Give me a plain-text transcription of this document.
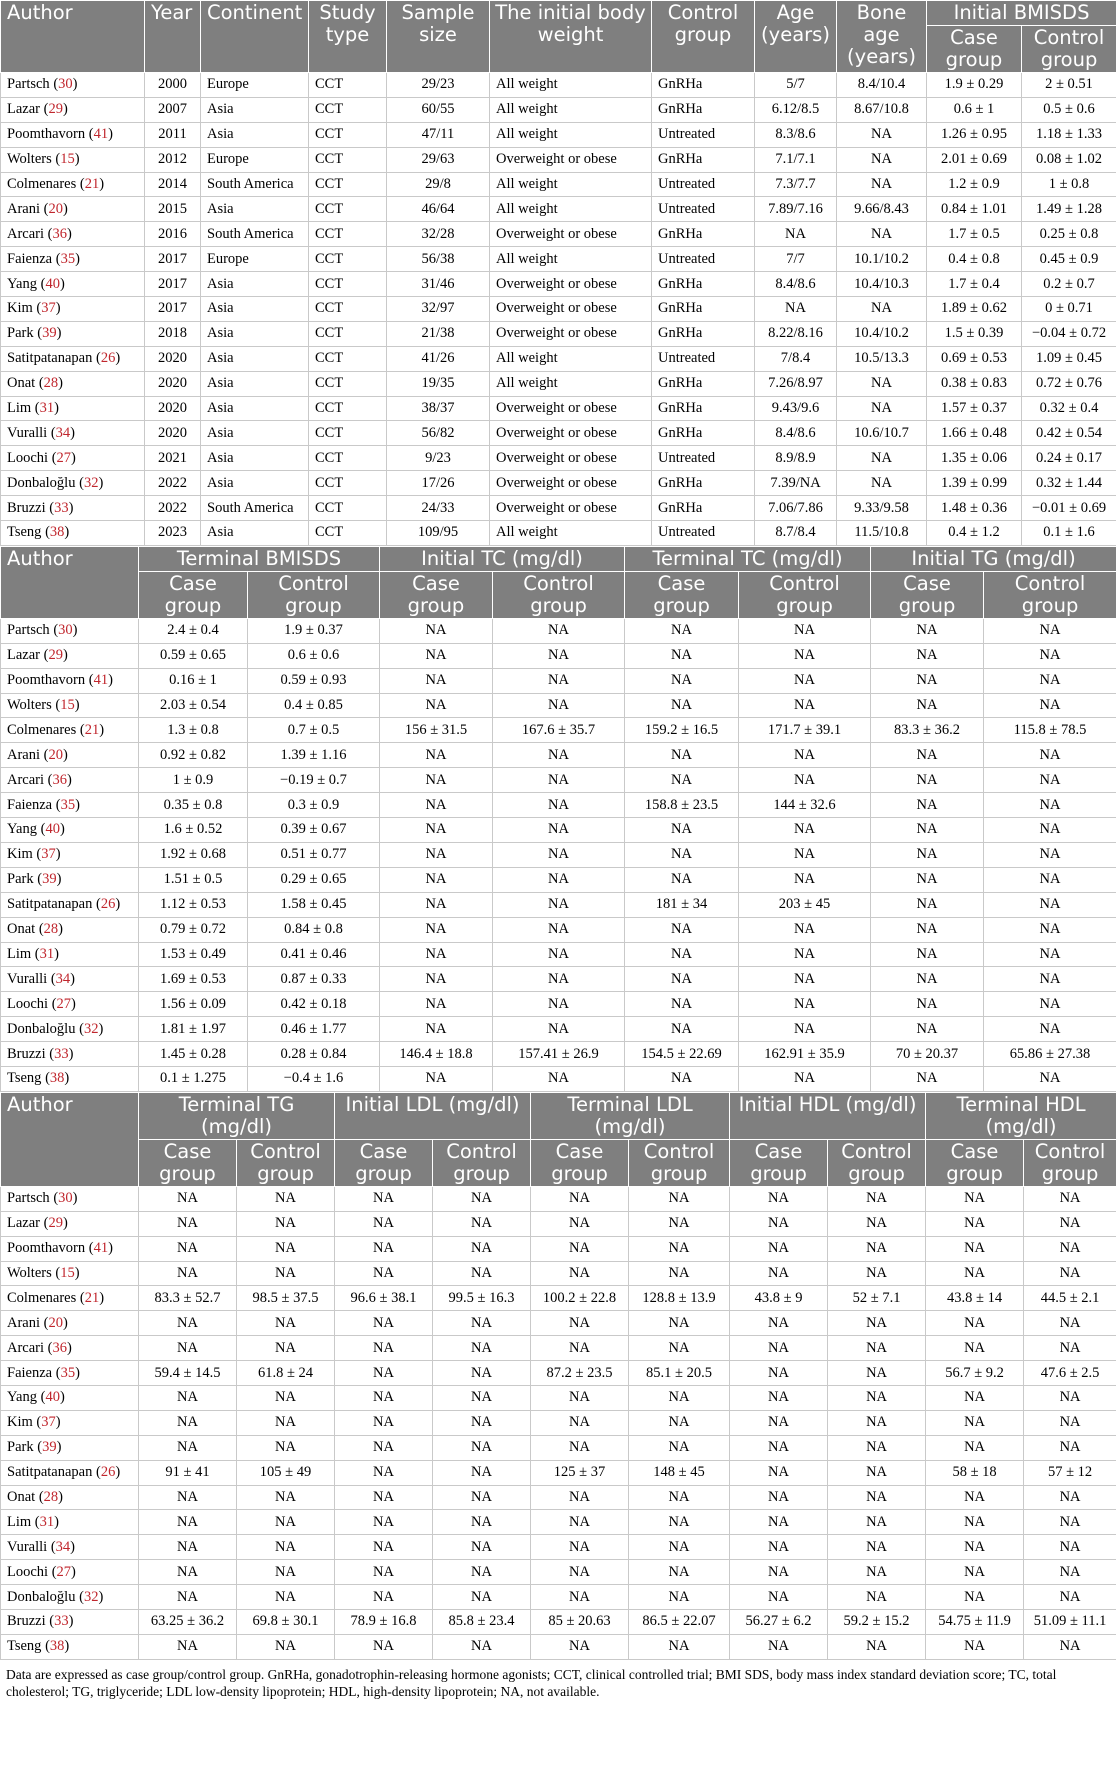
Author	Year	Continent	Study type	Sample size	The initial body weight	Control group	Age (years)	Bone age (years)	Initial BMISDS	
									Case group	Control group
Partsch (30)	2000	Europe	CCT	29/23	All weight	GnRHa	5/7	8.4/10.4	1.9 ± 0.29	2 ± 0.51
Lazar (29)	2007	Asia	CCT	60/55	All weight	GnRHa	6.12/8.5	8.67/10.8	0.6 ± 1	0.5 ± 0.6
Poomthavorn (41)	2011	Asia	CCT	47/11	All weight	Untreated	8.3/8.6	NA	1.26 ± 0.95	1.18 ± 1.33
Wolters (15)	2012	Europe	CCT	29/63	Overweight or obese	GnRHa	7.1/7.1	NA	2.01 ± 0.69	0.08 ± 1.02
Colmenares (21)	2014	South America	CCT	29/8	All weight	Untreated	7.3/7.7	NA	1.2 ± 0.9	1 ± 0.8
Arani (20)	2015	Asia	CCT	46/64	All weight	Untreated	7.89/7.16	9.66/8.43	0.84 ± 1.01	1.49 ± 1.28
Arcari (36)	2016	South America	CCT	32/28	Overweight or obese	GnRHa	NA	NA	1.7 ± 0.5	0.25 ± 0.8
Faienza (35)	2017	Europe	CCT	56/38	All weight	Untreated	7/7	10.1/10.2	0.4 ± 0.8	0.45 ± 0.9
Yang (40)	2017	Asia	CCT	31/46	Overweight or obese	GnRHa	8.4/8.6	10.4/10.3	1.7 ± 0.4	0.2 ± 0.7
Kim (37)	2017	Asia	CCT	32/97	Overweight or obese	GnRHa	NA	NA	1.89 ± 0.62	0 ± 0.71
Park (39)	2018	Asia	CCT	21/38	Overweight or obese	GnRHa	8.22/8.16	10.4/10.2	1.5 ± 0.39	−0.04 ± 0.72
Satitpatanapan (26)	2020	Asia	CCT	41/26	All weight	Untreated	7/8.4	10.5/13.3	0.69 ± 0.53	1.09 ± 0.45
Onat (28)	2020	Asia	CCT	19/35	All weight	GnRHa	7.26/8.97	NA	0.38 ± 0.83	0.72 ± 0.76
Lim (31)	2020	Asia	CCT	38/37	Overweight or obese	GnRHa	9.43/9.6	NA	1.57 ± 0.37	0.32 ± 0.4
Vuralli (34)	2020	Asia	CCT	56/82	Overweight or obese	GnRHa	8.4/8.6	10.6/10.7	1.66 ± 0.48	0.42 ± 0.54
Loochi (27)	2021	Asia	CCT	9/23	Overweight or obese	Untreated	8.9/8.9	NA	1.35 ± 0.06	0.24 ± 0.17
Donbaloğlu (32)	2022	Asia	CCT	17/26	Overweight or obese	GnRHa	7.39/NA	NA	1.39 ± 0.99	0.32 ± 1.44
Bruzzi (33)	2022	South America	CCT	24/33	Overweight or obese	GnRHa	7.06/7.86	9.33/9.58	1.48 ± 0.36	−0.01 ± 0.69
Tseng (38)	2023	Asia	CCT	109/95	All weight	Untreated	8.7/8.4	11.5/10.8	0.4 ± 1.2	0.1 ± 1.6
Author	Terminal BMISDS		Initial TC (mg/dl)		Terminal TC (mg/dl)		Initial TG (mg/dl)	
	Case group	Control group	Case group	Control group	Case group	Control group	Case group	Control group
Partsch (30)	2.4 ± 0.4	1.9 ± 0.37	NA	NA	NA	NA	NA	NA
Lazar (29)	0.59 ± 0.65	0.6 ± 0.6	NA	NA	NA	NA	NA	NA
Poomthavorn (41)	0.16 ± 1	0.59 ± 0.93	NA	NA	NA	NA	NA	NA
Wolters (15)	2.03 ± 0.54	0.4 ± 0.85	NA	NA	NA	NA	NA	NA
Colmenares (21)	1.3 ± 0.8	0.7 ± 0.5	156 ± 31.5	167.6 ± 35.7	159.2 ± 16.5	171.7 ± 39.1	83.3 ± 36.2	115.8 ± 78.5
Arani (20)	0.92 ± 0.82	1.39 ± 1.16	NA	NA	NA	NA	NA	NA
Arcari (36)	1 ± 0.9	−0.19 ± 0.7	NA	NA	NA	NA	NA	NA
Faienza (35)	0.35 ± 0.8	0.3 ± 0.9	NA	NA	158.8 ± 23.5	144 ± 32.6	NA	NA
Yang (40)	1.6 ± 0.52	0.39 ± 0.67	NA	NA	NA	NA	NA	NA
Kim (37)	1.92 ± 0.68	0.51 ± 0.77	NA	NA	NA	NA	NA	NA
Park (39)	1.51 ± 0.5	0.29 ± 0.65	NA	NA	NA	NA	NA	NA
Satitpatanapan (26)	1.12 ± 0.53	1.58 ± 0.45	NA	NA	181 ± 34	203 ± 45	NA	NA
Onat (28)	0.79 ± 0.72	0.84 ± 0.8	NA	NA	NA	NA	NA	NA
Lim (31)	1.53 ± 0.49	0.41 ± 0.46	NA	NA	NA	NA	NA	NA
Vuralli (34)	1.69 ± 0.53	0.87 ± 0.33	NA	NA	NA	NA	NA	NA
Loochi (27)	1.56 ± 0.09	0.42 ± 0.18	NA	NA	NA	NA	NA	NA
Donbaloğlu (32)	1.81 ± 1.97	0.46 ± 1.77	NA	NA	NA	NA	NA	NA
Bruzzi (33)	1.45 ± 0.28	0.28 ± 0.84	146.4 ± 18.8	157.41 ± 26.9	154.5 ± 22.69	162.91 ± 35.9	70 ± 20.37	65.86 ± 27.38
Tseng (38)	0.1 ± 1.275	−0.4 ± 1.6	NA	NA	NA	NA	NA	NA
Author	Terminal TG (mg/dl)		Initial LDL (mg/dl)		Terminal LDL (mg/dl)		Initial HDL (mg/dl)		Terminal HDL (mg/dl)	
	Case group	Control group	Case group	Control group	Case group	Control group	Case group	Control group	Case group	Control group
Partsch (30)	NA	NA	NA	NA	NA	NA	NA	NA	NA	NA
Lazar (29)	NA	NA	NA	NA	NA	NA	NA	NA	NA	NA
Poomthavorn (41)	NA	NA	NA	NA	NA	NA	NA	NA	NA	NA
Wolters (15)	NA	NA	NA	NA	NA	NA	NA	NA	NA	NA
Colmenares (21)	83.3 ± 52.7	98.5 ± 37.5	96.6 ± 38.1	99.5 ± 16.3	100.2 ± 22.8	128.8 ± 13.9	43.8 ± 9	52 ± 7.1	43.8 ± 14	44.5 ± 2.1
Arani (20)	NA	NA	NA	NA	NA	NA	NA	NA	NA	NA
Arcari (36)	NA	NA	NA	NA	NA	NA	NA	NA	NA	NA
Faienza (35)	59.4 ± 14.5	61.8 ± 24	NA	NA	87.2 ± 23.5	85.1 ± 20.5	NA	NA	56.7 ± 9.2	47.6 ± 2.5
Yang (40)	NA	NA	NA	NA	NA	NA	NA	NA	NA	NA
Kim (37)	NA	NA	NA	NA	NA	NA	NA	NA	NA	NA
Park (39)	NA	NA	NA	NA	NA	NA	NA	NA	NA	NA
Satitpatanapan (26)	91 ± 41	105 ± 49	NA	NA	125 ± 37	148 ± 45	NA	NA	58 ± 18	57 ± 12
Onat (28)	NA	NA	NA	NA	NA	NA	NA	NA	NA	NA
Lim (31)	NA	NA	NA	NA	NA	NA	NA	NA	NA	NA
Vuralli (34)	NA	NA	NA	NA	NA	NA	NA	NA	NA	NA
Loochi (27)	NA	NA	NA	NA	NA	NA	NA	NA	NA	NA
Donbaloğlu (32)	NA	NA	NA	NA	NA	NA	NA	NA	NA	NA
Bruzzi (33)	63.25 ± 36.2	69.8 ± 30.1	78.9 ± 16.8	85.8 ± 23.4	85 ± 20.63	86.5 ± 22.07	56.27 ± 6.2	59.2 ± 15.2	54.75 ± 11.9	51.09 ± 11.1
Tseng (38)	NA	NA	NA	NA	NA	NA	NA	NA	NA	NA
Data are expressed as case group/control group. GnRHa, gonadotrophin-releasing hormone agonists; CCT, clinical controlled trial; BMI SDS, body mass index standard deviation score; TC, total cholesterol; TG, triglyceride; LDL low-density lipoprotein; HDL, high-density lipoprotein; NA, not available.
